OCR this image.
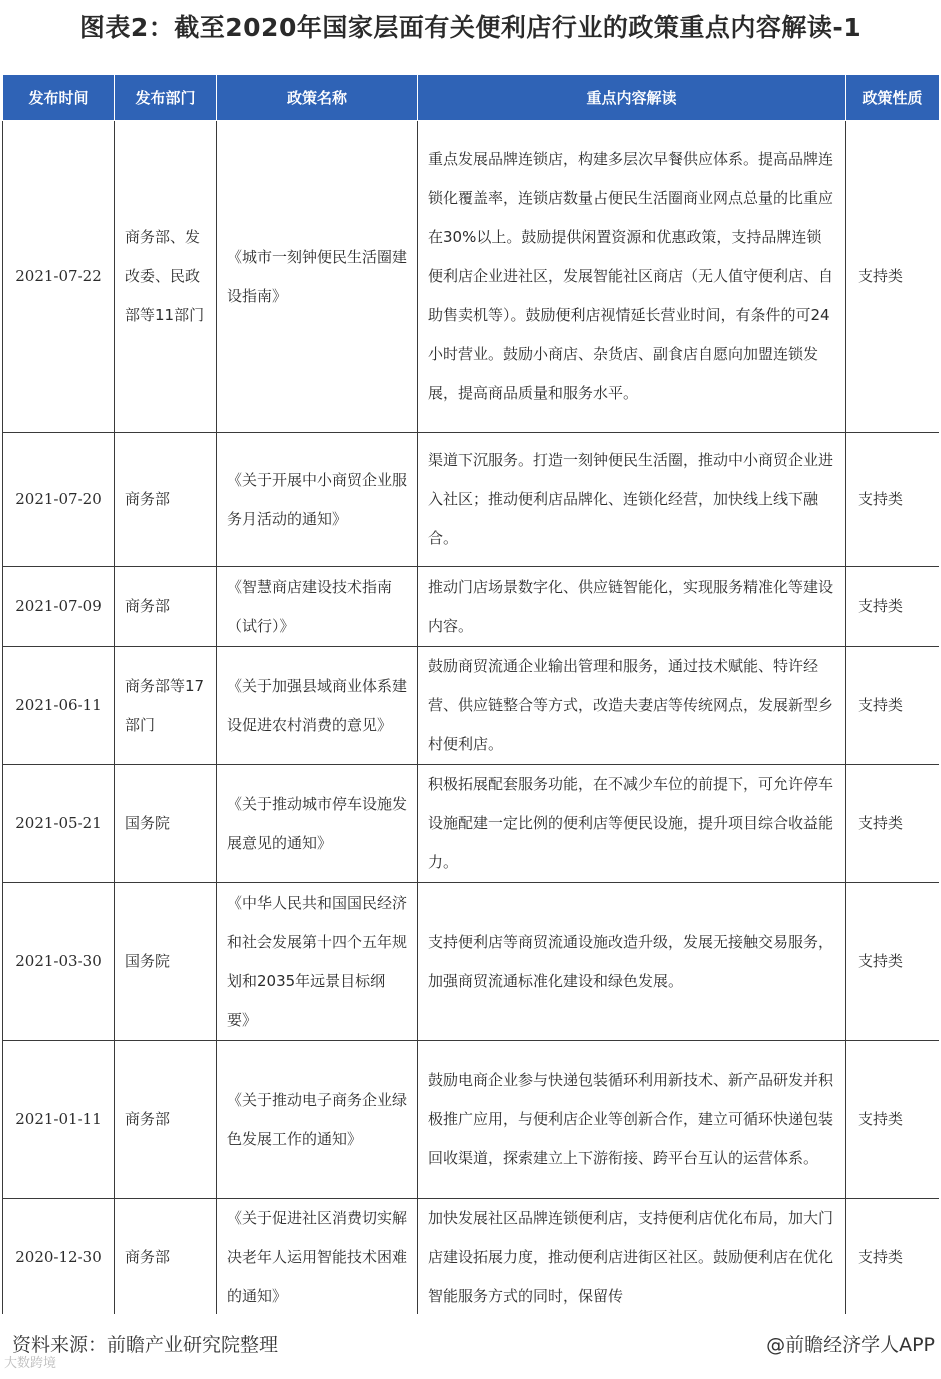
图表2：截至2020年国家层面有关便利店行业的政策重点内容解读-1
发布时间	发布部门	政策名称	重点内容解读	政策性质
2021-07-22	商务部、发改委、民政部等11部门	《城市一刻钟便民生活圈建设指南》	重点发展品牌连锁店，构建多层次早餐供应体系。提高品牌连锁化覆盖率，连锁店数量占便民生活圈商业网点总量的比重应在30%以上。鼓励提供闲置资源和优惠政策，支持品牌连锁便利店企业进社区，发展智能社区商店（无人值守便利店、自助售卖机等）。鼓励便利店视情延长营业时间，有条件的可24小时营业。鼓励小商店、杂货店、副食店自愿向加盟连锁发展，提高商品质量和服务水平。	支持类
2021-07-20	商务部	《关于开展中小商贸企业服务月活动的通知》	渠道下沉服务。打造一刻钟便民生活圈，推动中小商贸企业进入社区；推动便利店品牌化、连锁化经营，加快线上线下融合。	支持类
2021-07-09	商务部	《智慧商店建设技术指南（试行）》	推动门店场景数字化、供应链智能化，实现服务精准化等建设内容。	支持类
2021-06-11	商务部等17部门	《关于加强县域商业体系建设促进农村消费的意见》	鼓励商贸流通企业输出管理和服务，通过技术赋能、特许经营、供应链整合等方式，改造夫妻店等传统网点，发展新型乡村便利店。	支持类
2021-05-21	国务院	《关于推动城市停车设施发展意见的通知》	积极拓展配套服务功能，在不减少车位的前提下，可允许停车设施配建一定比例的便利店等便民设施，提升项目综合收益能力。	支持类
2021-03-30	国务院	《中华人民共和国国民经济和社会发展第十四个五年规划和2035年远景目标纲要》	支持便利店等商贸流通设施改造升级，发展无接触交易服务，加强商贸流通标准化建设和绿色发展。	支持类
2021-01-11	商务部	《关于推动电子商务企业绿色发展工作的通知》	鼓励电商企业参与快递包装循环利用新技术、新产品研发并积极推广应用，与便利店企业等创新合作，建立可循环快递包装回收渠道，探索建立上下游衔接、跨平台互认的运营体系。	支持类
2020-12-30	商务部	《关于促进社区消费切实解决老年人运用智能技术困难的通知》	加快发展社区品牌连锁便利店，支持便利店优化布局，加大门店建设拓展力度，推动便利店进街区社区。鼓励便利店在优化智能服务方式的同时，保留传	支持类
资料来源：前瞻产业研究院整理	@前瞻经济学人APP
大数跨境
